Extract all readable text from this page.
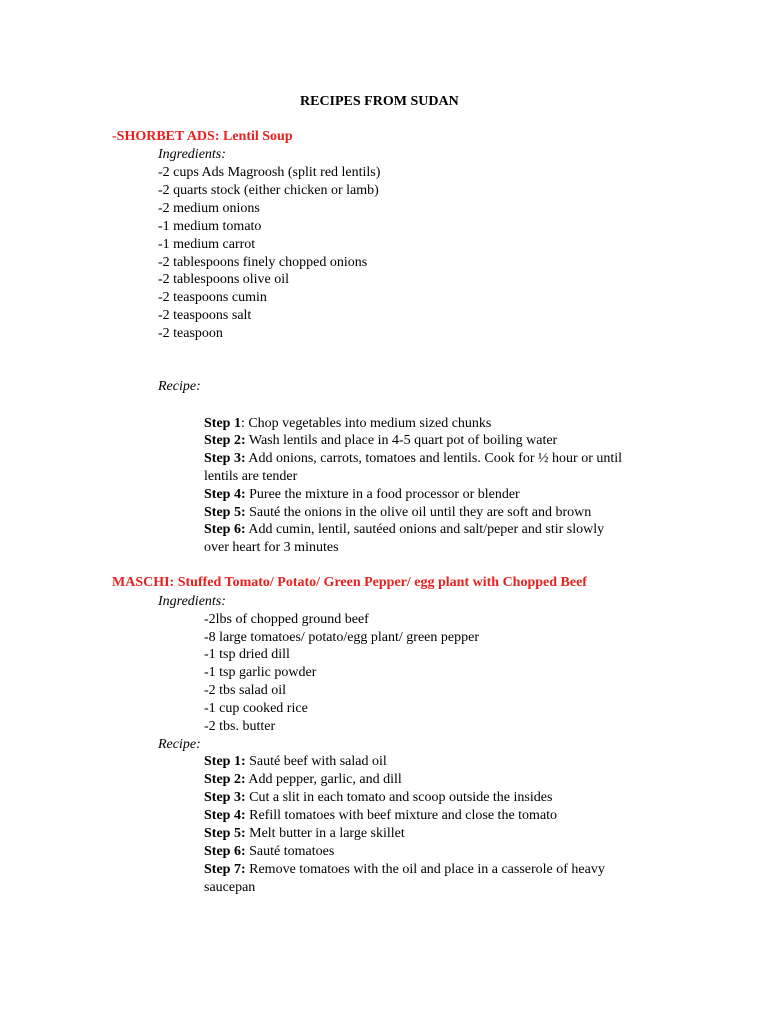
RECIPES FROM SUDAN
-SHORBET ADS: Lentil Soup
Ingredients:
-2 cups Ads Magroosh (split red lentils)
-2 quarts stock (either chicken or lamb)
-2 medium onions
-1 medium tomato
-1 medium carrot
-2 tablespoons finely chopped onions
-2 tablespoons olive oil
-2 teaspoons cumin
-2 teaspoons salt
-2 teaspoon
Recipe:
Step 1: Chop vegetables into medium sized chunks
Step 2: Wash lentils and place in 4-5 quart pot of boiling water
Step 3: Add onions, carrots, tomatoes and lentils. Cook for ½ hour or until
lentils are tender
Step 4: Puree the mixture in a food processor or blender
Step 5: Sauté the onions in the olive oil until they are soft and brown
Step 6: Add cumin, lentil, sautéed onions and salt/peper and stir slowly
over heart for 3 minutes
MASCHI: Stuffed Tomato/ Potato/ Green Pepper/ egg plant with Chopped Beef
Ingredients:
-2lbs of chopped ground beef
-8 large tomatoes/ potato/egg plant/ green pepper
-1 tsp dried dill
-1 tsp garlic powder
-2 tbs salad oil
-1 cup cooked rice
-2 tbs. butter
Recipe:
Step 1: Sauté beef with salad oil
Step 2: Add pepper, garlic, and dill
Step 3: Cut a slit in each tomato and scoop outside the insides
Step 4: Refill tomatoes with beef mixture and close the tomato
Step 5: Melt butter in a large skillet
Step 6: Sauté tomatoes
Step 7: Remove tomatoes with the oil and place in a casserole of heavy
saucepan
